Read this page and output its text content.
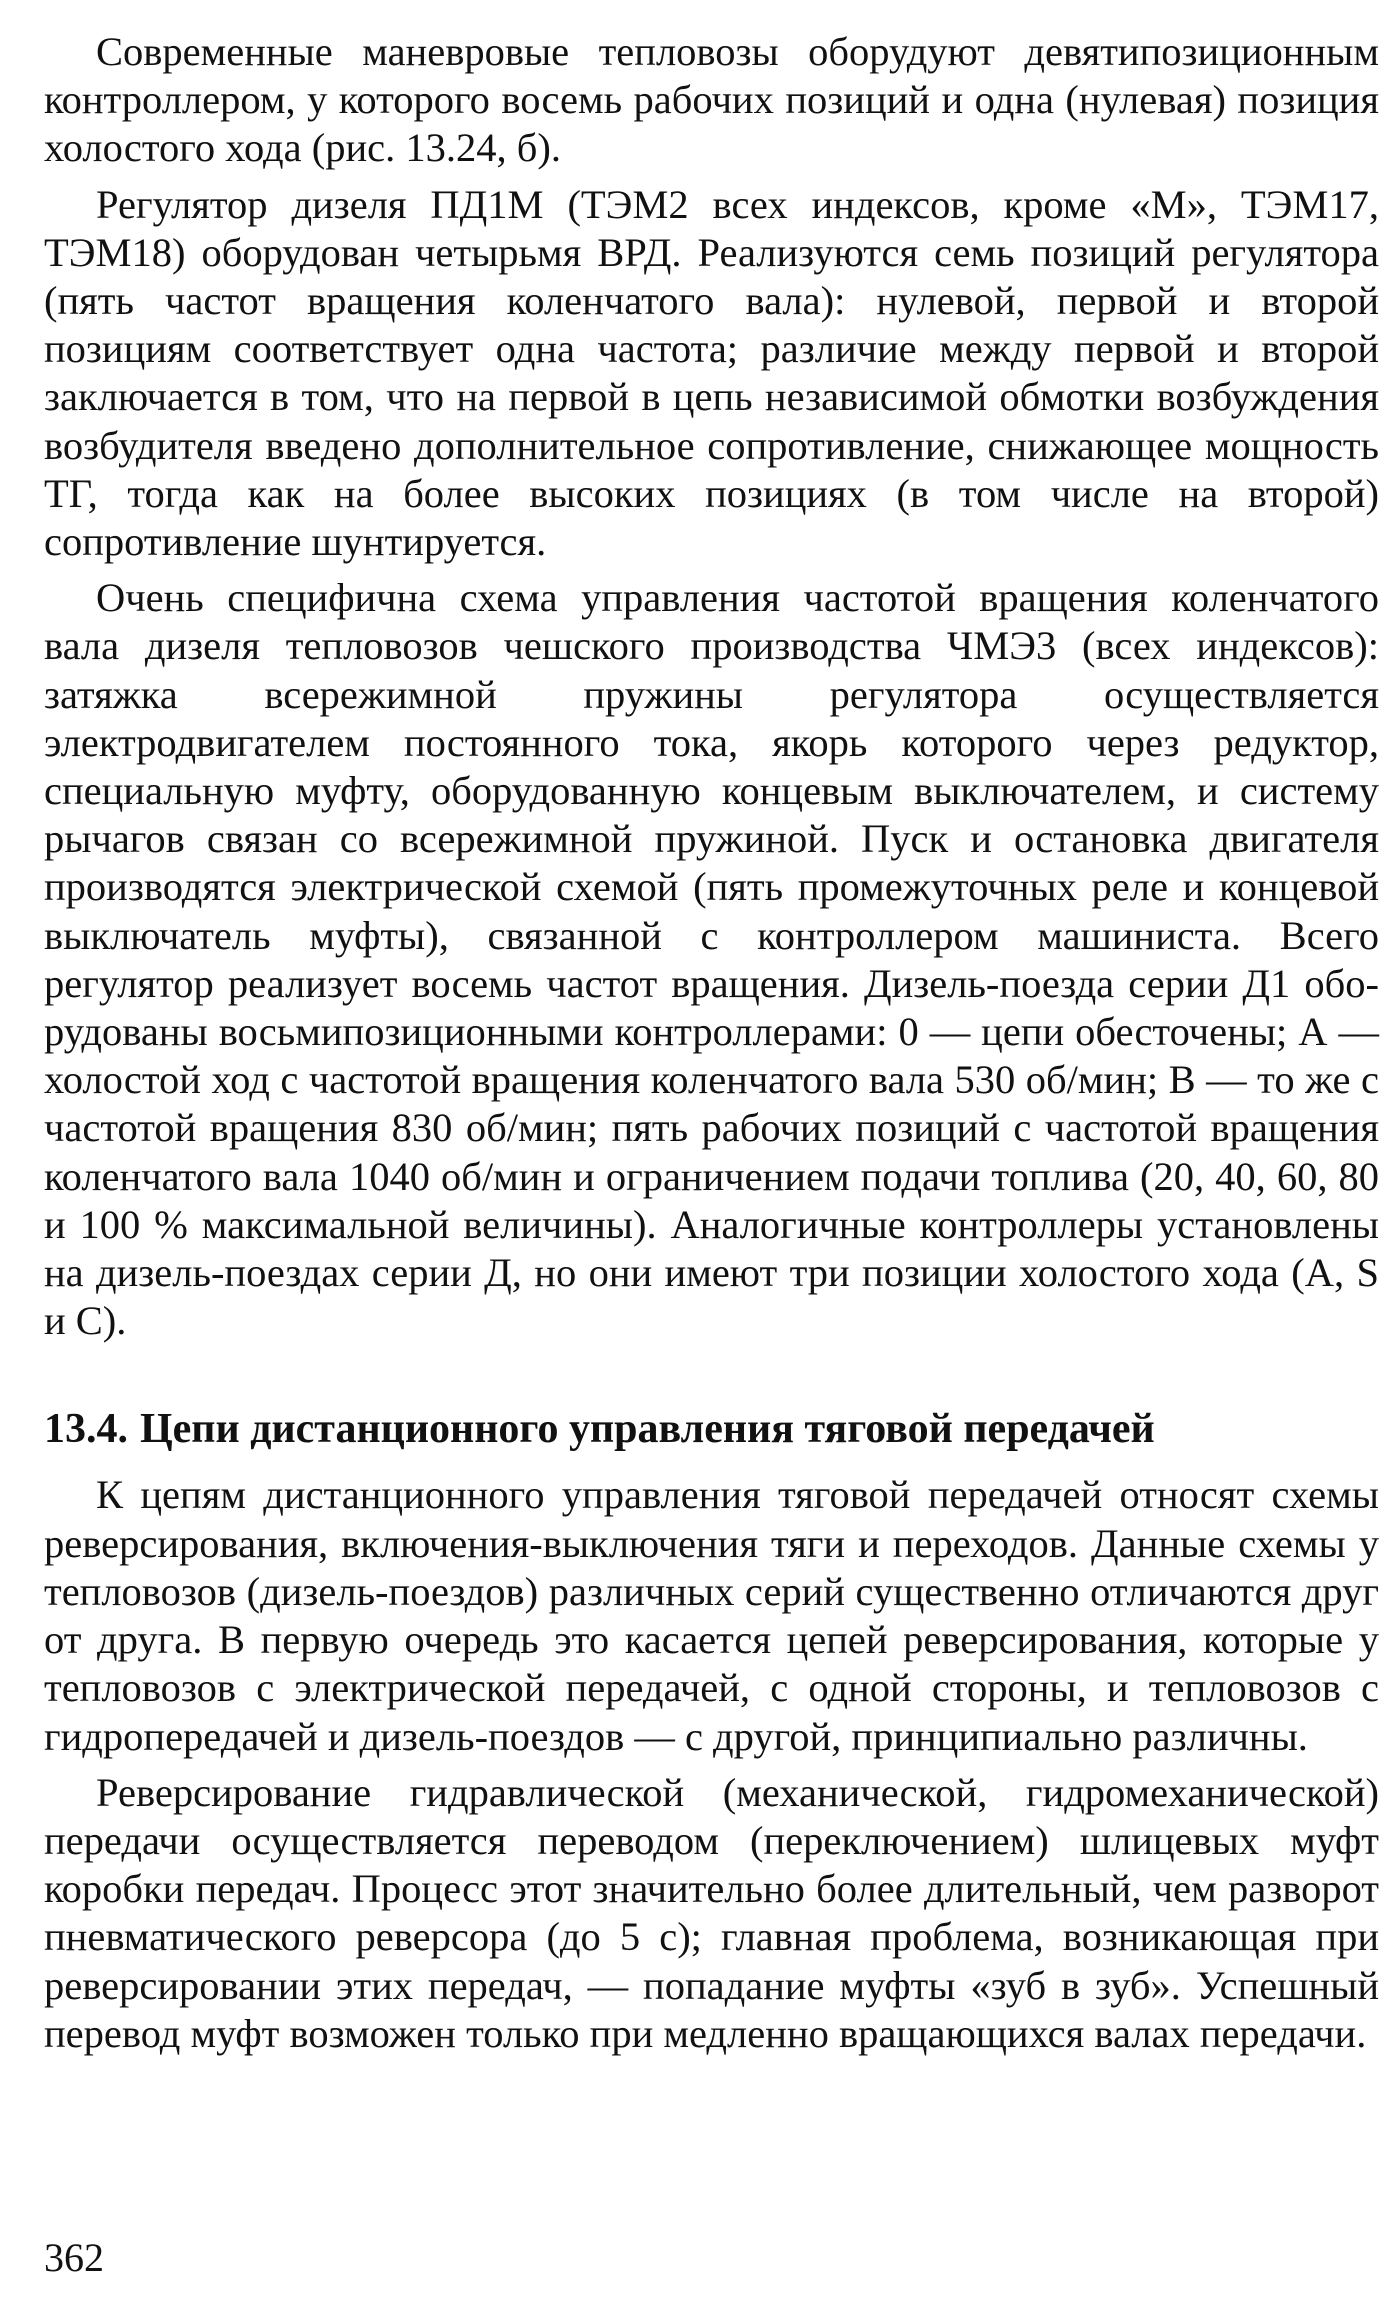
Современные маневровые тепловозы оборудуют девятипозиционным контроллером, у которого восемь рабочих позиций и одна (нулевая) позиция холостого хода (рис. 13.24, б).

Регулятор дизеля ПД1М (ТЭМ2 всех индексов, кроме «М», ТЭМ17, ТЭМ18) оборудован четырьмя ВРД. Реализуются семь позиций регулятора (пять частот вращения коленчатого вала): нулевой, первой и второй позициям соответствует одна частота; различие между первой и второй заключается в том, что на первой в цепь независимой обмотки возбуждения возбудителя введено дополнительное сопротивление, снижающее мощность ТГ, тогда как на более высоких позициях (в том числе на второй) сопротивление шунтируется.

Очень специфична схема управления частотой вращения коленчатого вала дизеля тепловозов чешского производства ЧМЭ3 (всех индексов): затяжка всережимной пружины регулятора осуществляется электродвигателем постоянного тока, якорь которого через редуктор, специальную муфту, оборудованную концевым выключателем, и систему рычагов связан со всережимной пружиной. Пуск и остановка двигателя производятся электрической схемой (пять промежуточных реле и концевой выключатель муфты), связанной с контроллером машиниста. Всего регулятор реализует восемь частот вращения. Дизель-поезда серии Д1 оборудованы восьмипозиционными контроллерами: 0 — цепи обесточены; А — холостой ход с частотой вращения коленчатого вала 530 об/мин; В — то же с частотой вращения 830 об/мин; пять рабочих позиций с частотой вращения коленчатого вала 1040 об/мин и ограничением подачи топлива (20, 40, 60, 80 и 100 % максимальной величины). Аналогичные контроллеры установлены на дизель-поездах серии Д, но они имеют три позиции холостого хода (А, S и С).

13.4. Цепи дистанционного управления тяговой передачей

К цепям дистанционного управления тяговой передачей относят схемы реверсирования, включения-выключения тяги и переходов. Данные схемы у тепловозов (дизель-поездов) различных серий существенно отличаются друг от друга. В первую очередь это касается цепей реверсирования, которые у тепловозов с электрической передачей, с одной стороны, и тепловозов с гидропередачей и дизель-поездов — с другой, принципиально различны.

Реверсирование гидравлической (механической, гидромеханической) передачи осуществляется переводом (переключением) шлицевых муфт коробки передач. Процесс этот значительно более длительный, чем разворот пневматического реверсора (до 5 с); главная проблема, возникающая при реверсировании этих передач, — попадание муфты «зуб в зуб». Успешный перевод муфт возможен только при медленно вращающихся валах передачи.

362
